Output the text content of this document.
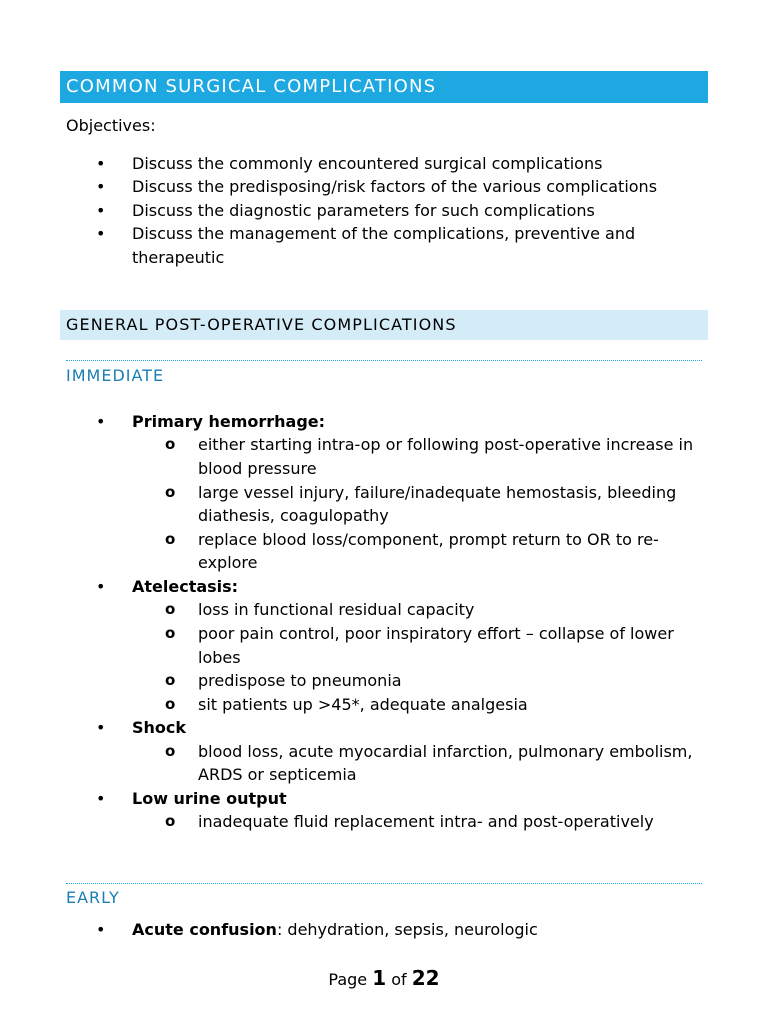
COMMON SURGICAL COMPLICATIONS
Objectives:
• Discuss the commonly encountered surgical complications
• Discuss the predisposing/risk factors of the various complications
• Discuss the diagnostic parameters for such complications
• Discuss the management of the complications, preventive and therapeutic
GENERAL POST-OPERATIVE COMPLICATIONS
IMMEDIATE
• Primary hemorrhage:
o either starting intra-op or following post-operative increase in blood pressure
o large vessel injury, failure/inadequate hemostasis, bleeding diathesis, coagulopathy
o replace blood loss/component, prompt return to OR to re-explore
• Atelectasis:
o loss in functional residual capacity
o poor pain control, poor inspiratory effort – collapse of lower lobes
o predispose to pneumonia
o sit patients up >45*, adequate analgesia
• Shock
o blood loss, acute myocardial infarction, pulmonary embolism, ARDS or septicemia
• Low urine output
o inadequate fluid replacement intra- and post-operatively
EARLY
• Acute confusion: dehydration, sepsis, neurologic
Page 1 of 22
